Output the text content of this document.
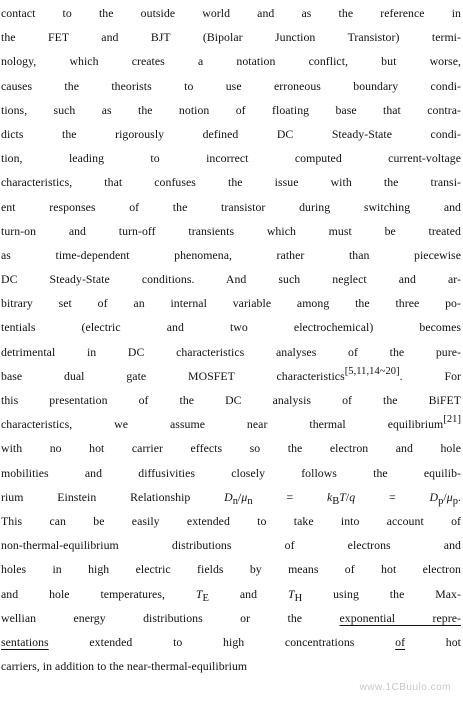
contact to the outside world and as the reference in
the FET and BJT (Bipolar Junction Transistor) termi-
nology, which creates a notation conflict, but worse,
causes the theorists to use erroneous boundary condi-
tions, such as the notion of floating base that contra-
dicts the rigorously defined DC Steady-State condi-
tion, leading to incorrect computed current-voltage
characteristics, that confuses the issue with the transi-
ent responses of the transistor during switching and
turn-on and turn-off transients which must be treated
as time-dependent phenomena, rather than piecewise
DC Steady-State conditions. And such neglect and ar-
bitrary set of an internal variable among the three po-
tentials (electric and two electrochemical) becomes
detrimental in DC characteristics analyses of the pure-
base dual gate MOSFET characteristics[5,11,14~20]. For
this presentation of the DC analysis of the BiFET
characteristics, we assume near thermal equilibrium[21]
with no hot carrier effects so the electron and hole
mobilities and diffusivities closely follows the equilib-
rium Einstein Relationship Dn/μn = kBT/q = Dp/μp.
This can be easily extended to take into account of
non-thermal-equilibrium distributions of electrons and
holes in high electric fields by means of hot electron
and hole temperatures, TE and TH using the Max-
wellian energy distributions or the exponential repre-
sentations extended to high concentrations of hot
carriers, in addition to the near-thermal-equilibrium
www.1CBuulo.com
